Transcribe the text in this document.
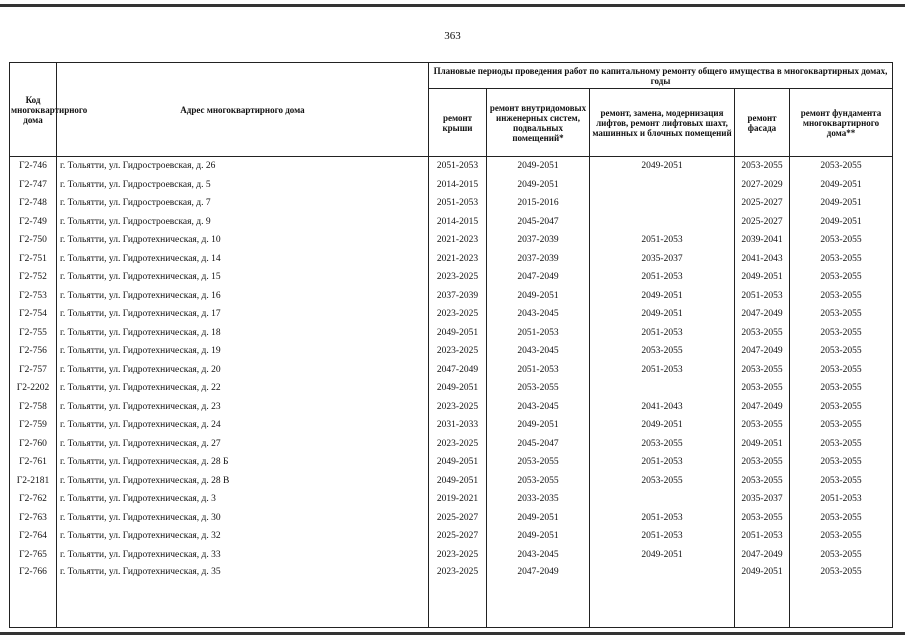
363
Код многоквартирного дома	Адрес многоквартирного дома	Плановые периоды проведения работ по капитальному ремонту общего имущества в многоквартирных домах, годы				
		ремонт крыши	ремонт внутридомовых инженерных систем, подвальных помещений*	ремонт, замена, модернизация лифтов, ремонт лифтовых шахт, машинных и блочных помещений	ремонт фасада	ремонт фундамента многоквартирного дома**
Г2-746	г. Тольятти, ул. Гидростроевская, д. 26	2051-2053	2049-2051	2049-2051	2053-2055	2053-2055
Г2-747	г. Тольятти, ул. Гидростроевская, д. 5	2014-2015	2049-2051		2027-2029	2049-2051
Г2-748	г. Тольятти, ул. Гидростроевская, д. 7	2051-2053	2015-2016		2025-2027	2049-2051
Г2-749	г. Тольятти, ул. Гидростроевская, д. 9	2014-2015	2045-2047		2025-2027	2049-2051
Г2-750	г. Тольятти, ул. Гидротехническая, д. 10	2021-2023	2037-2039	2051-2053	2039-2041	2053-2055
Г2-751	г. Тольятти, ул. Гидротехническая, д. 14	2021-2023	2037-2039	2035-2037	2041-2043	2053-2055
Г2-752	г. Тольятти, ул. Гидротехническая, д. 15	2023-2025	2047-2049	2051-2053	2049-2051	2053-2055
Г2-753	г. Тольятти, ул. Гидротехническая, д. 16	2037-2039	2049-2051	2049-2051	2051-2053	2053-2055
Г2-754	г. Тольятти, ул. Гидротехническая, д. 17	2023-2025	2043-2045	2049-2051	2047-2049	2053-2055
Г2-755	г. Тольятти, ул. Гидротехническая, д. 18	2049-2051	2051-2053	2051-2053	2053-2055	2053-2055
Г2-756	г. Тольятти, ул. Гидротехническая, д. 19	2023-2025	2043-2045	2053-2055	2047-2049	2053-2055
Г2-757	г. Тольятти, ул. Гидротехническая, д. 20	2047-2049	2051-2053	2051-2053	2053-2055	2053-2055
Г2-2202	г. Тольятти, ул. Гидротехническая, д. 22	2049-2051	2053-2055		2053-2055	2053-2055
Г2-758	г. Тольятти, ул. Гидротехническая, д. 23	2023-2025	2043-2045	2041-2043	2047-2049	2053-2055
Г2-759	г. Тольятти, ул. Гидротехническая, д. 24	2031-2033	2049-2051	2049-2051	2053-2055	2053-2055
Г2-760	г. Тольятти, ул. Гидротехническая, д. 27	2023-2025	2045-2047	2053-2055	2049-2051	2053-2055
Г2-761	г. Тольятти, ул. Гидротехническая, д. 28 Б	2049-2051	2053-2055	2051-2053	2053-2055	2053-2055
Г2-2181	г. Тольятти, ул. Гидротехническая, д. 28 В	2049-2051	2053-2055	2053-2055	2053-2055	2053-2055
Г2-762	г. Тольятти, ул. Гидротехническая, д. 3	2019-2021	2033-2035		2035-2037	2051-2053
Г2-763	г. Тольятти, ул. Гидротехническая, д. 30	2025-2027	2049-2051	2051-2053	2053-2055	2053-2055
Г2-764	г. Тольятти, ул. Гидротехническая, д. 32	2025-2027	2049-2051	2051-2053	2051-2053	2053-2055
Г2-765	г. Тольятти, ул. Гидротехническая, д. 33	2023-2025	2043-2045	2049-2051	2047-2049	2053-2055
Г2-766	г. Тольятти, ул. Гидротехническая, д. 35	2023-2025	2047-2049		2049-2051	2053-2055
